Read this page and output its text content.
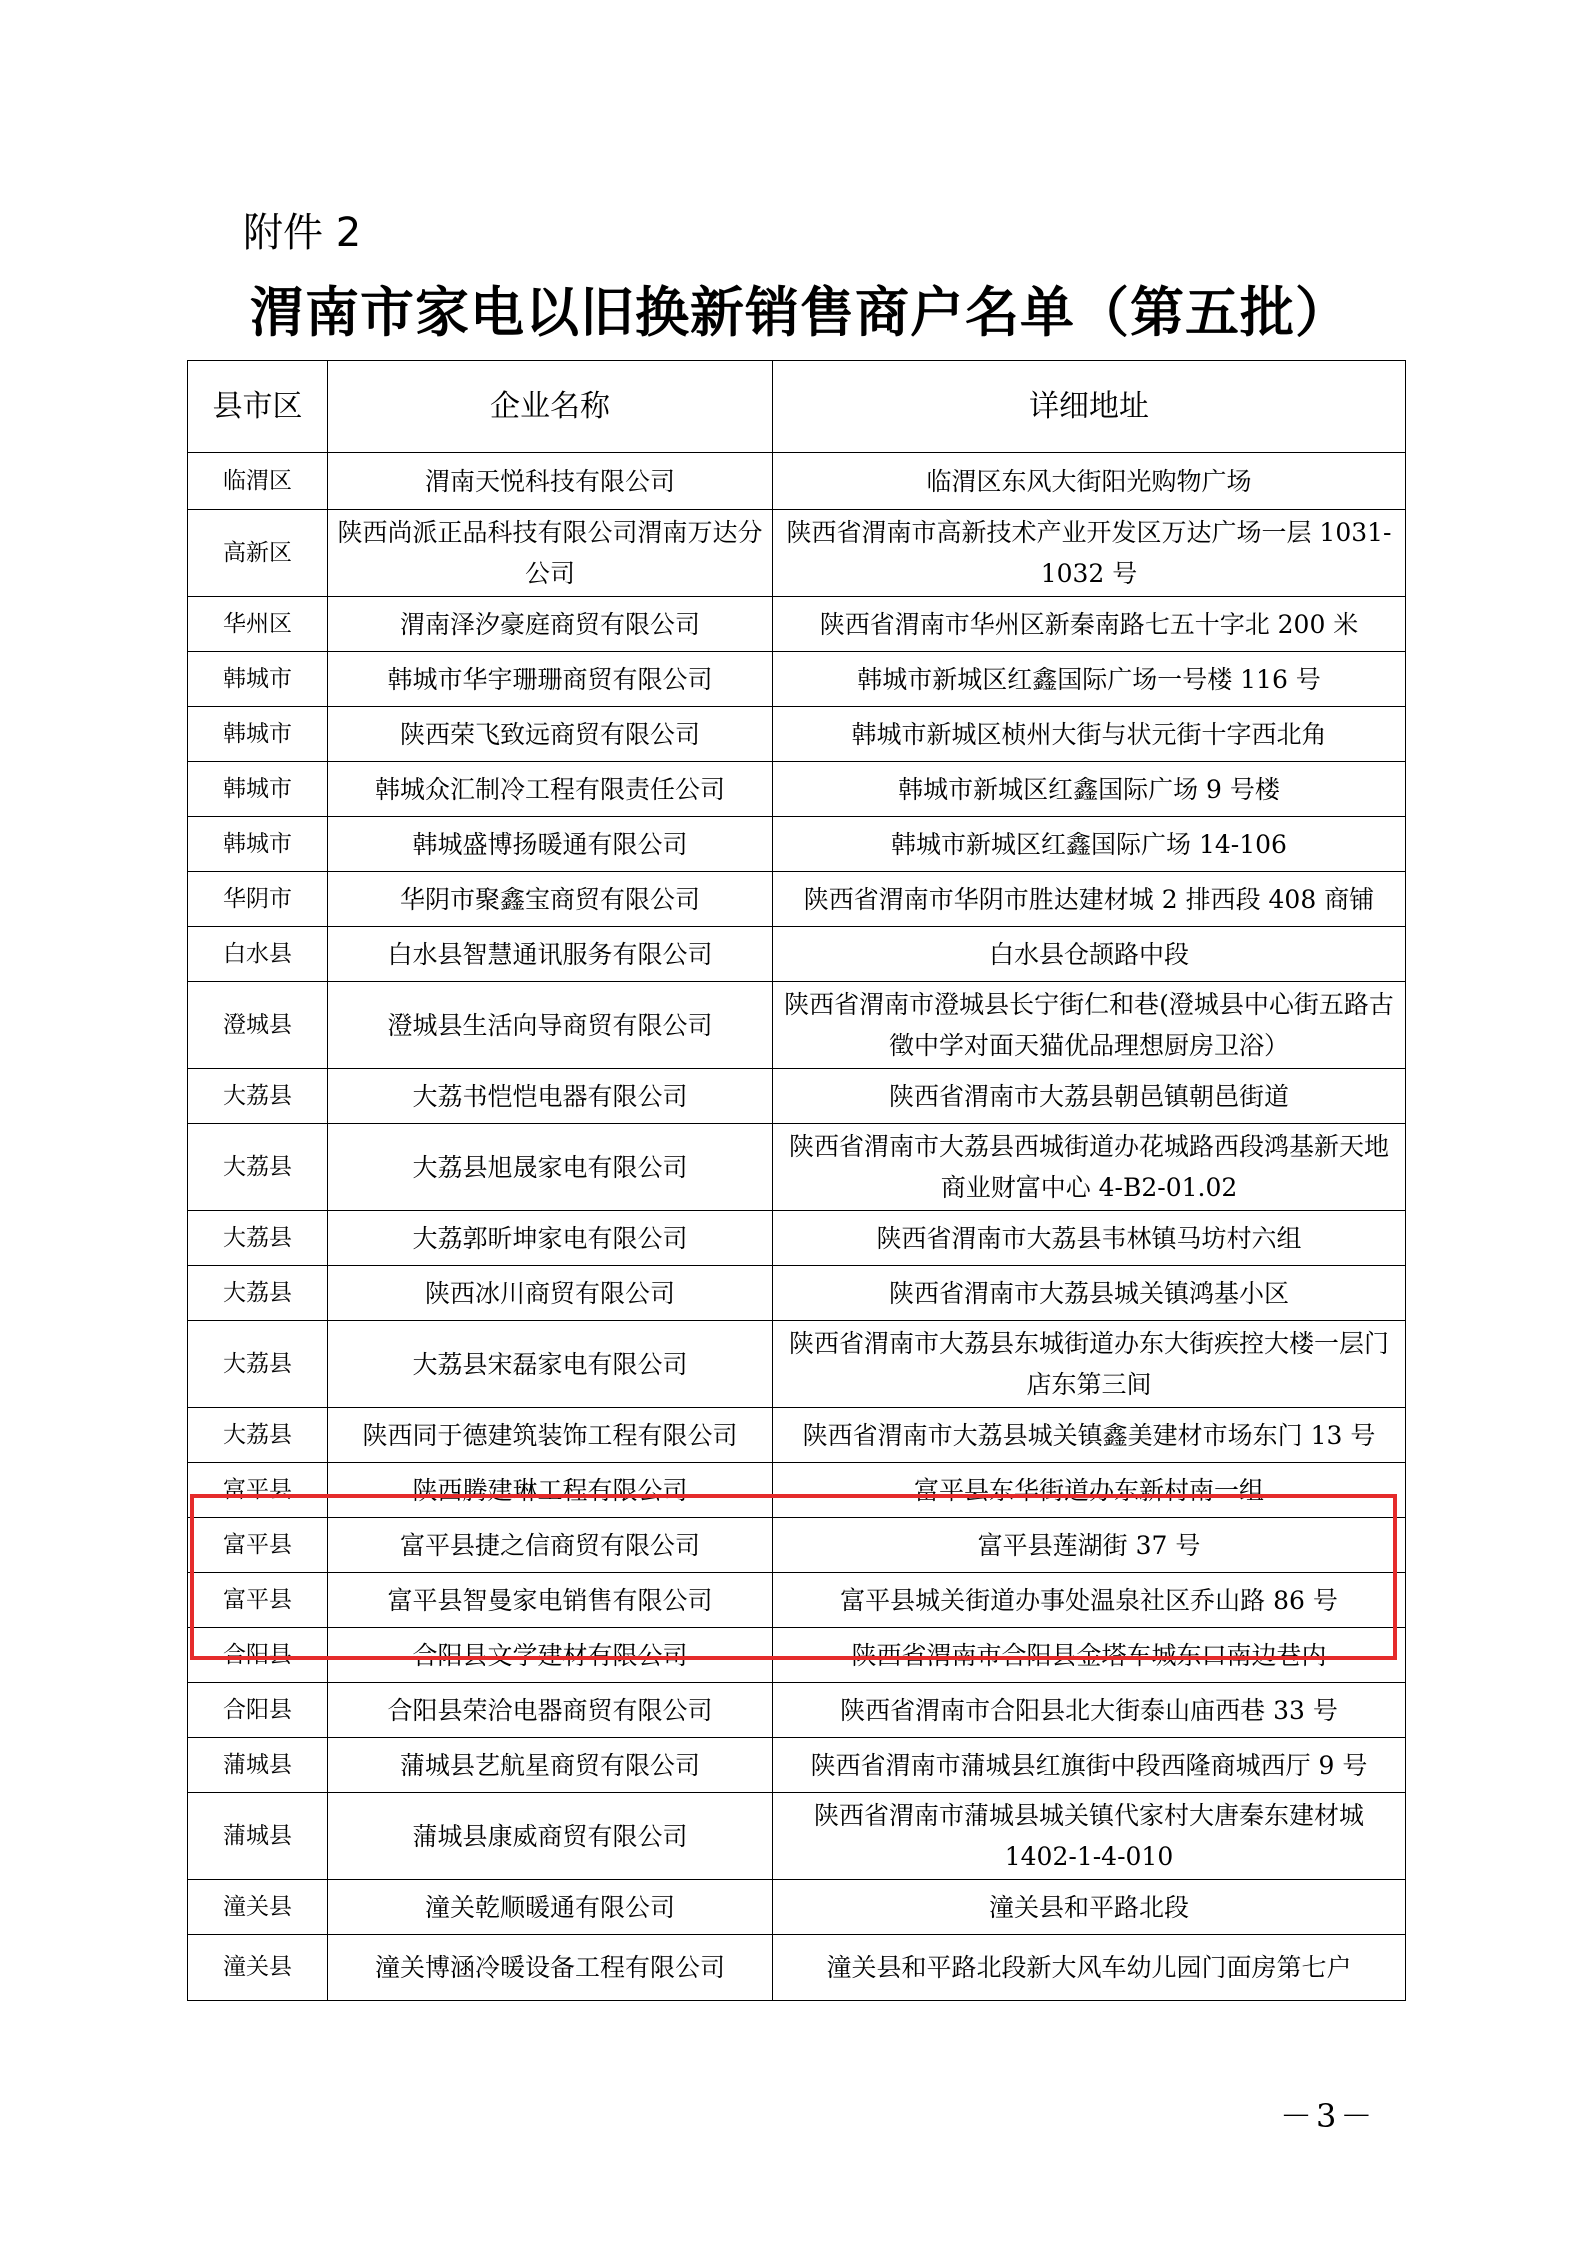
附件 2
渭南市家电以旧换新销售商户名单（第五批）
县市区	企业名称	详细地址
临渭区	渭南天悦科技有限公司	临渭区东风大街阳光购物广场
高新区	陕西尚派正品科技有限公司渭南万达分公司	陕西省渭南市高新技术产业开发区万达广场一层 1031-1032 号
华州区	渭南泽汐豪庭商贸有限公司	陕西省渭南市华州区新秦南路七五十字北 200 米
韩城市	韩城市华宇珊珊商贸有限公司	韩城市新城区红鑫国际广场一号楼 116 号
韩城市	陕西荣飞致远商贸有限公司	韩城市新城区桢州大街与状元街十字西北角
韩城市	韩城众汇制冷工程有限责任公司	韩城市新城区红鑫国际广场 9 号楼
韩城市	韩城盛博扬暖通有限公司	韩城市新城区红鑫国际广场 14-106
华阴市	华阴市聚鑫宝商贸有限公司	陕西省渭南市华阴市胜达建材城 2 排西段 408 商铺
白水县	白水县智慧通讯服务有限公司	白水县仓颉路中段
澄城县	澄城县生活向导商贸有限公司	陕西省渭南市澄城县长宁街仁和巷(澄城县中心街五路古徵中学对面天猫优品理想厨房卫浴）
大荔县	大荔书恺恺电器有限公司	陕西省渭南市大荔县朝邑镇朝邑街道
大荔县	大荔县旭晟家电有限公司	陕西省渭南市大荔县西城街道办花城路西段鸿基新天地商业财富中心 4-B2-01.02
大荔县	大荔郭昕坤家电有限公司	陕西省渭南市大荔县韦林镇马坊村六组
大荔县	陕西冰川商贸有限公司	陕西省渭南市大荔县城关镇鸿基小区
大荔县	大荔县宋磊家电有限公司	陕西省渭南市大荔县东城街道办东大街疾控大楼一层门店东第三间
大荔县	陕西同于德建筑装饰工程有限公司	陕西省渭南市大荔县城关镇鑫美建材市场东门 13 号
富平县	陕西腾建琳工程有限公司	富平县东华街道办东新村南一组
富平县	富平县捷之信商贸有限公司	富平县莲湖街 37 号
富平县	富平县智曼家电销售有限公司	富平县城关街道办事处温泉社区乔山路 86 号
合阳县	合阳县文学建材有限公司	陕西省渭南市合阳县金塔车城东口南边巷内
合阳县	合阳县荣洽电器商贸有限公司	陕西省渭南市合阳县北大街泰山庙西巷 33 号
蒲城县	蒲城县艺航星商贸有限公司	陕西省渭南市蒲城县红旗街中段西隆商城西厅 9 号
蒲城县	蒲城县康威商贸有限公司	陕西省渭南市蒲城县城关镇代家村大唐秦东建材城 1402-1-4-010
潼关县	潼关乾顺暖通有限公司	潼关县和平路北段
潼关县	潼关博涵冷暖设备工程有限公司	潼关县和平路北段新大风车幼儿园门面房第七户
－3－
